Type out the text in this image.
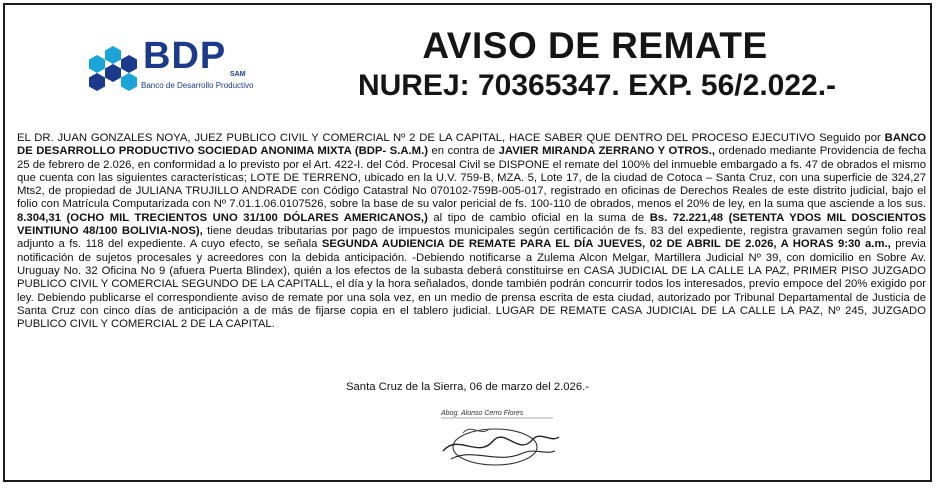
BDP SAM
Banco de Desarrollo Productivo
AVISO DE REMATE
NUREJ: 70365347. EXP. 56/2.022.-
EL DR. JUAN GONZALES NOYA, JUEZ PUBLICO CIVIL Y COMERCIAL Nº 2 DE LA CAPITAL, HACE SABER QUE DENTRO DEL PROCESO EJECUTIVO Seguido por BANCO DE DESARROLLO PRODUCTIVO SOCIEDAD ANONIMA MIXTA (BDP- S.A.M.) en contra de JAVIER MIRANDA ZERRANO Y OTROS., ordenado mediante Providencia de fecha 25 de febrero de 2.026, en conformidad a lo previsto por el Art. 422-I. del Cód. Procesal Civil se DISPONE el remate del 100% del inmueble embargado a fs. 47 de obrados el mismo que cuenta con las siguientes características; LOTE DE TERRENO, ubicado en la U.V. 759-B, MZA. 5, Lote 17, de la ciudad de Cotoca – Santa Cruz, con una superficie de 324,27 Mts2, de propiedad de JULIANA TRUJILLO ANDRADE con Código Catastral No 070102-759B-005-017, registrado en oficinas de Derechos Reales de este distrito judicial, bajo el folio con Matrícula Computarizada con Nº 7.01.1.06.0107526, sobre la base de su valor pericial de fs. 100-110 de obrados, menos el 20% de ley, en la suma que asciende a los sus. 8.304,31 (OCHO MIL TRECIENTOS UNO 31/100 DÓLARES AMERICANOS,) al tipo de cambio oficial en la suma de Bs. 72.221,48 (SETENTA YDOS MIL DOSCIENTOS VEINTIUNO 48/100 BOLIVIA-NOS), tiene deudas tributarias por pago de impuestos municipales según certificación de fs. 83 del expediente, registra gravamen según folio real adjunto a fs. 118 del expediente. A cuyo efecto, se señala SEGUNDA AUDIENCIA DE REMATE PARA EL DÍA JUEVES, 02 DE ABRIL DE 2.026, A HORAS 9:30 a.m., previa notificación de sujetos procesales y acreedores con la debida anticipación. -Debiendo notificarse a Zulema Alcon Melgar, Martillera Judicial Nº 39, con domicilio en Sobre Av. Uruguay No. 32 Oficina No 9 (afuera Puerta Blindex), quién a los efectos de la subasta deberá constituirse en CASA JUDICIAL DE LA CALLE LA PAZ, PRIMER PISO JUZGADO PUBLICO CIVIL Y COMERCIAL SEGUNDO DE LA CAPITALL, el día y la hora señalados, donde también podrán concurrir todos los interesados, previo empoce del 20% exigido por ley. Debiendo publicarse el correspondiente aviso de remate por una sola vez, en un medio de prensa escrita de esta ciudad, autorizado por Tribunal Departamental de Justicia de Santa Cruz con cinco días de anticipación a de más de fijarse copia en el tablero judicial. LUGAR DE REMATE CASA JUDICIAL DE LA CALLE LA PAZ, Nº 245, JUZGADO PUBLICO CIVIL Y COMERCIAL 2 DE LA CAPITAL.
Santa Cruz de la Sierra, 06 de marzo del 2.026.-
Abog. Alonso Cerro Flores
